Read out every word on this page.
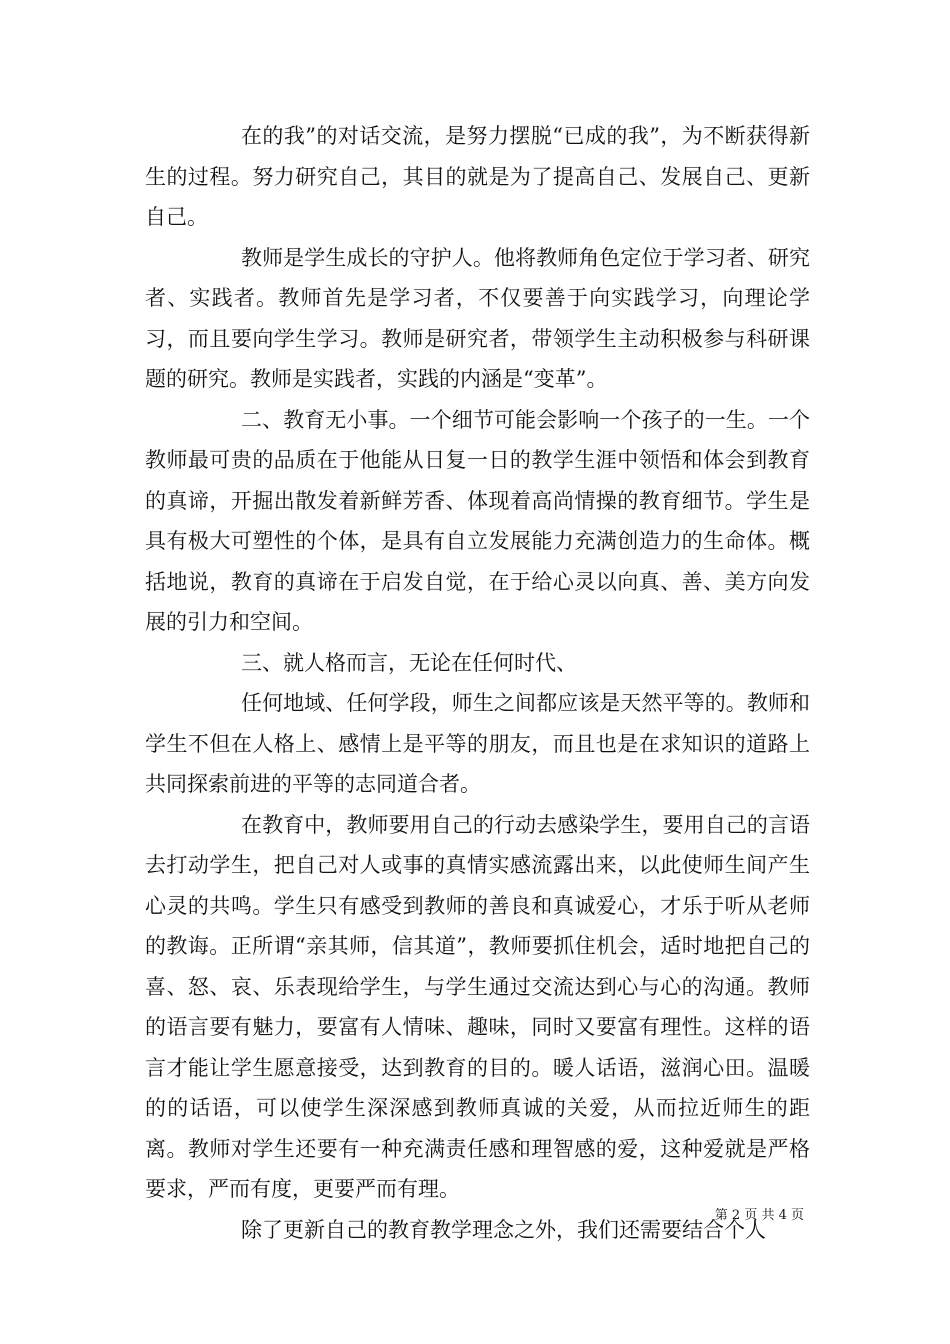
在的我”的对话交流，是努力摆脱“已成的我”，为不断获得新生的过程。努力研究自己，其目的就是为了提高自己、发展自己、更新自己。

教师是学生成长的守护人。他将教师角色定位于学习者、研究者、实践者。教师首先是学习者，不仅要善于向实践学习，向理论学习，而且要向学生学习。教师是研究者，带领学生主动积极参与科研课题的研究。教师是实践者，实践的内涵是“变革”。

二、教育无小事。一个细节可能会影响一个孩子的一生。一个教师最可贵的品质在于他能从日复一日的教学生涯中领悟和体会到教育的真谛，开掘出散发着新鲜芳香、体现着高尚情操的教育细节。学生是具有极大可塑性的个体，是具有自立发展能力充满创造力的生命体。概括地说，教育的真谛在于启发自觉，在于给心灵以向真、善、美方向发展的引力和空间。

三、就人格而言，无论在任何时代、

任何地域、任何学段，师生之间都应该是天然平等的。教师和学生不但在人格上、感情上是平等的朋友，而且也是在求知识的道路上共同探索前进的平等的志同道合者。

在教育中，教师要用自己的行动去感染学生，要用自己的言语去打动学生，把自己对人或事的真情实感流露出来，以此使师生间产生心灵的共鸣。学生只有感受到教师的善良和真诚爱心，才乐于听从老师的教诲。正所谓“亲其师，信其道”，教师要抓住机会，适时地把自己的喜、怒、哀、乐表现给学生，与学生通过交流达到心与心的沟通。教师的语言要有魅力，要富有人情味、趣味，同时又要富有理性。这样的语言才能让学生愿意接受，达到教育的目的。暖人话语，滋润心田。温暖的的话语，可以使学生深深感到教师真诚的关爱，从而拉近师生的距离。教师对学生还要有一种充满责任感和理智感的爱，这种爱就是严格要求，严而有度，更要严而有理。

除了更新自己的教育教学理念之外，我们还需要结合个人

第 2 页 共 4 页
